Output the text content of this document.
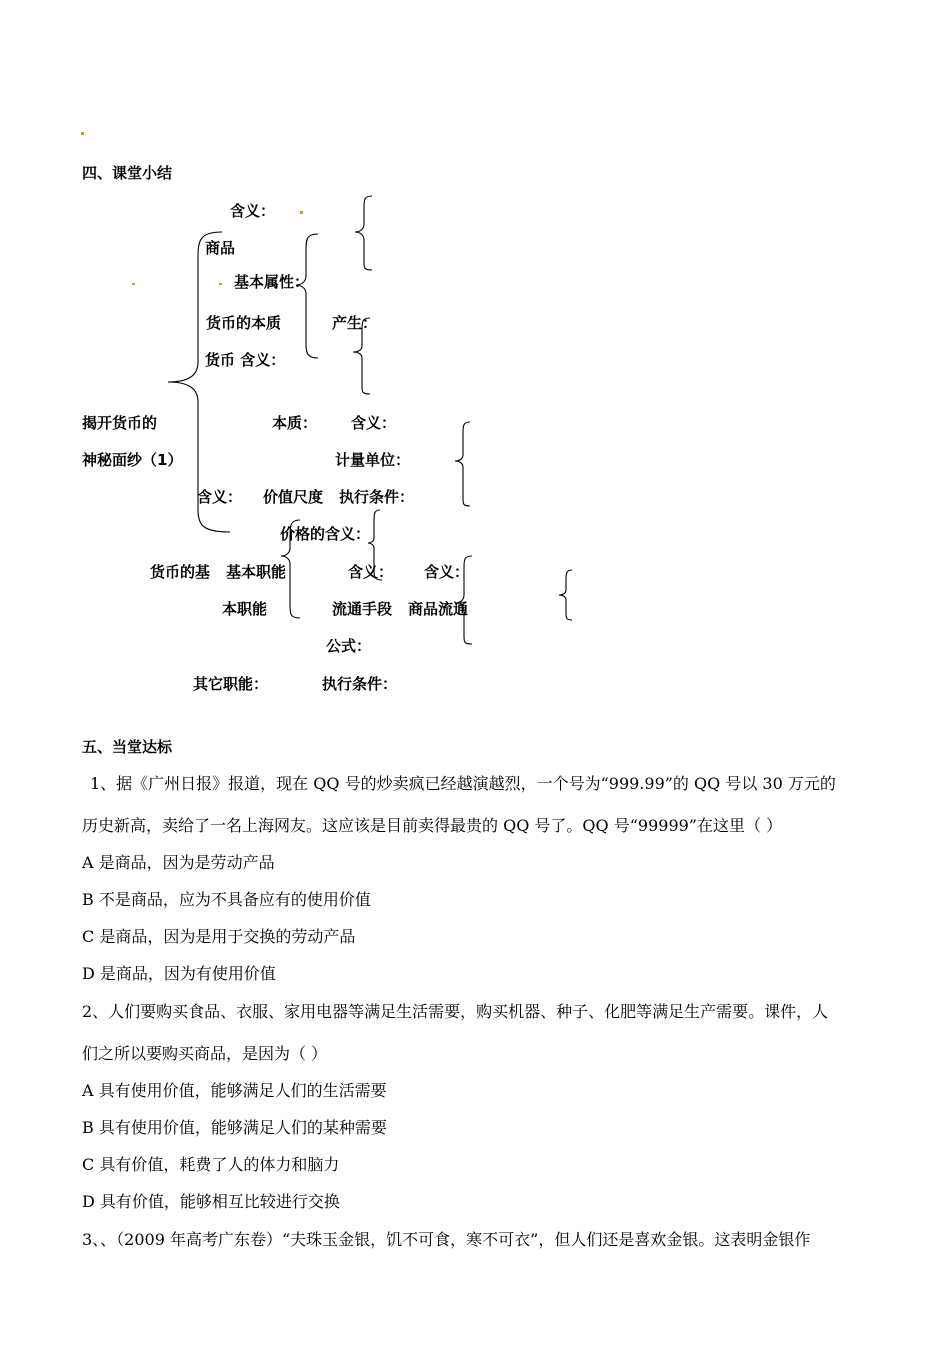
四、课堂小结
含义：
商品
基本属性：
货币的本质	产生：
货币 含义：
揭开货币的	本质： 含义：
神秘面纱（1）	计量单位：
含义： 价值尺度 执行条件：
价格的含义：
货币的基 基本职能	含义： 含义：
本职能	流通手段 商品流通
公式：
其它职能：	执行条件：
五、当堂达标
1、据《广州日报》报道，现在 QQ 号的炒卖疯已经越演越烈，一个号为“999.99”的 QQ 号以 30 万元的
历史新高，卖给了一名上海网友。这应该是目前卖得最贵的 QQ 号了。QQ 号“99999”在这里（ ）
A 是商品，因为是劳动产品
B 不是商品，应为不具备应有的使用价值
C 是商品，因为是用于交换的劳动产品
D 是商品，因为有使用价值
2、人们要购买食品、衣服、家用电器等满足生活需要，购买机器、种子、化肥等满足生产需要。课件，人
们之所以要购买商品，是因为（ ）
A 具有使用价值，能够满足人们的生活需要
B 具有使用价值，能够满足人们的某种需要
C 具有价值，耗费了人的体力和脑力
D 具有价值，能够相互比较进行交换
3、、（2009 年高考广东卷）“夫珠玉金银，饥不可食，寒不可衣”，但人们还是喜欢金银。这表明金银作
